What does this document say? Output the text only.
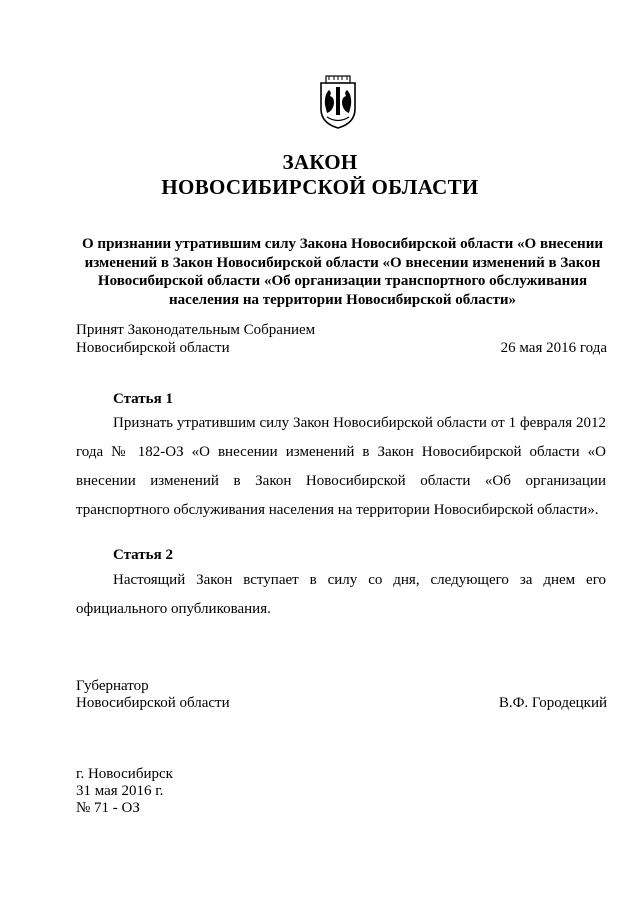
ЗАКОН
НОВОСИБИРСКОЙ ОБЛАСТИ
О признании утратившим силу Закона Новосибирской области «О внесении
изменений в Закон Новосибирской области «О внесении изменений в Закон
Новосибирской области «Об организации транспортного обслуживания
населения на территории Новосибирской области»
Принят Законодательным Собранием
Новосибирской области	26 мая 2016 года
Статья 1
Признать утратившим силу Закон Новосибирской области от 1 февраля 2012 года № 182-ОЗ «О внесении изменений в Закон Новосибирской области «О внесении изменений в Закон Новосибирской области «Об организации транспортного обслуживания населения на территории Новосибирской области».
Статья 2
Настоящий Закон вступает в силу со дня, следующего за днем его официального опубликования.
Губернатор
Новосибирской области	В.Ф. Городецкий
г. Новосибирск
31 мая 2016 г.
№ 71 - ОЗ
